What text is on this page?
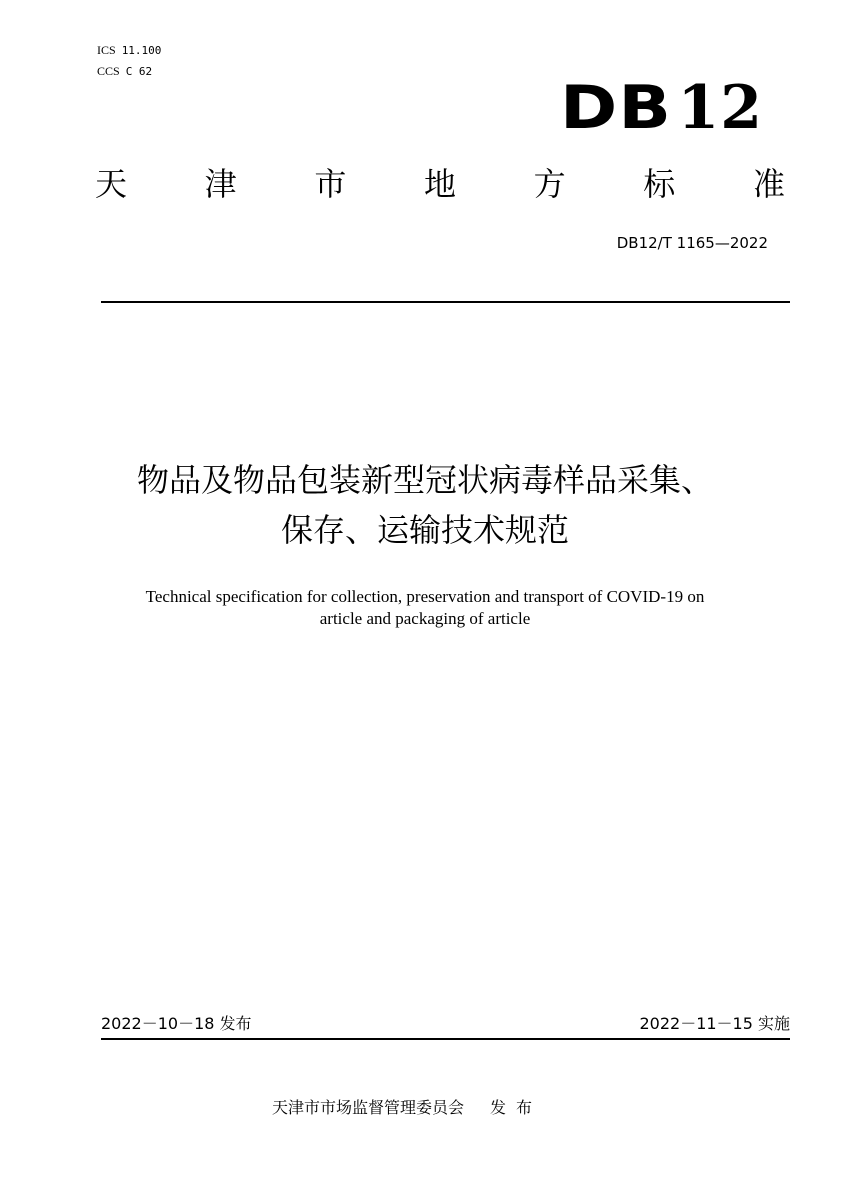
ICS 11.100
CCS C 62
DB12
天 津 市 地 方 标 准
DB12/T 1165—2022
物品及物品包装新型冠状病毒样品采集、
保存、运输技术规范
Technical specification for collection, preservation and transport of COVID-19 on
article and packaging of article
2022－10－18 发布	2022－11－15 实施
天津市市场监督管理委员会 发布
